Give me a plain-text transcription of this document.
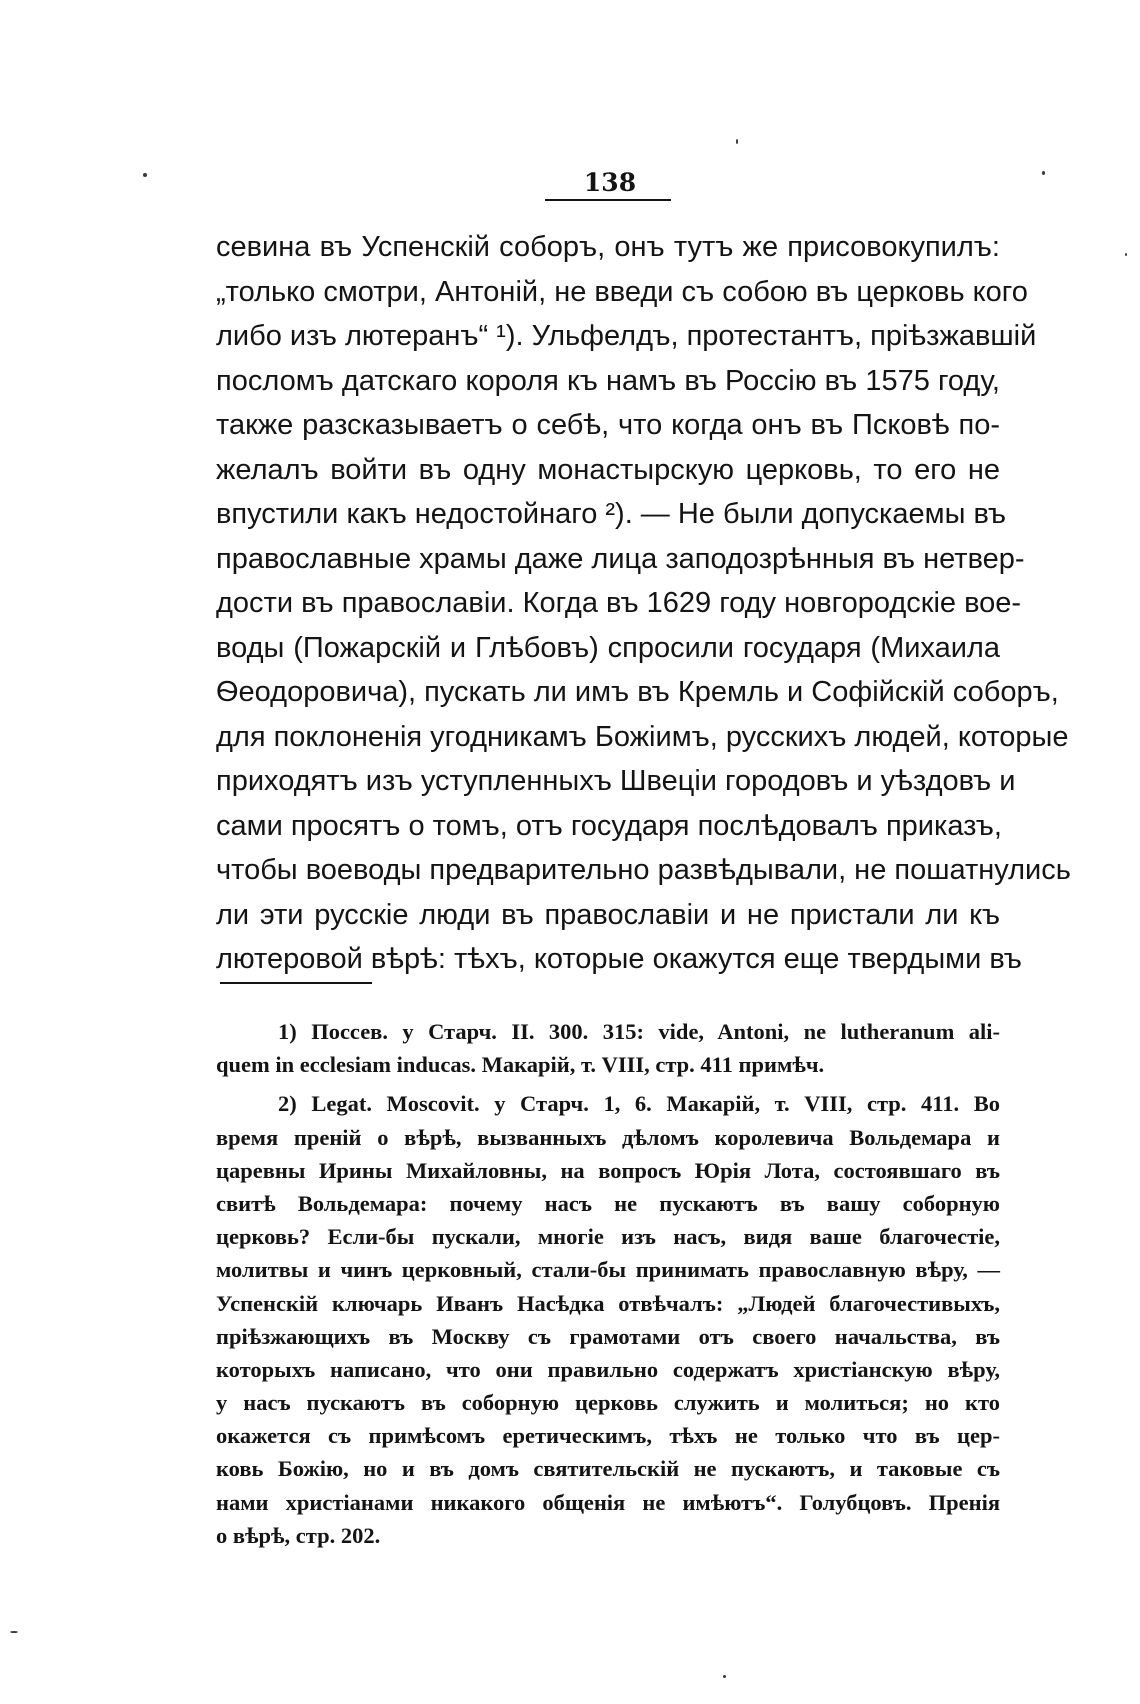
138
севина въ Успенскій соборъ, онъ тутъ же присовокупилъ:
„только смотри, Антоній, не введи съ собою въ церковь кого
либо изъ лютеранъ“ ¹). Ульфелдъ, протестантъ, пріѣзжавшій
посломъ датскаго короля къ намъ въ Россію въ 1575 году,
также разсказываетъ о себѣ, что когда онъ въ Псковѣ по-
желалъ войти въ одну монастырскую церковь, то его не
впустили какъ недостойнаго ²). — Не были допускаемы въ
православные храмы даже лица заподозрѣнныя въ нетвер-
дости въ православіи. Когда въ 1629 году новгородскіе вое-
воды (Пожарскій и Глѣбовъ) спросили государя (Михаила
Ѳеодоровича), пускать ли имъ въ Кремль и Софійскій соборъ,
для поклоненія угодникамъ Божіимъ, русскихъ людей, которые
приходятъ изъ уступленныхъ Швеціи городовъ и уѣздовъ и
сами просятъ о томъ, отъ государя послѣдовалъ приказъ,
чтобы воеводы предварительно развѣдывали, не пошатнулись
ли эти русскіе люди въ православіи и не пристали ли къ
лютеровой вѣрѣ: тѣхъ, которые окажутся еще твердыми въ
1) Поссев. у Старч. II. 300. 315: vide, Antoni, ne lutheranum ali-
quem in ecclesiam inducas. Макарій, т. VIII, стр. 411 примѣч.
2) Legat. Moscovit. у Старч. 1, 6. Макарій, т. VIII, стр. 411. Во
время преній о вѣрѣ, вызванныхъ дѣломъ королевича Вольдемара и
царевны Ирины Михайловны, на вопросъ Юрія Лота, состоявшаго въ
свитѣ Вольдемара: почему насъ не пускаютъ въ вашу соборную
церковь? Если-бы пускали, многіе изъ насъ, видя ваше благочестіе,
молитвы и чинъ церковный, стали-бы принимать православную вѣру, —
Успенскій ключарь Иванъ Насѣдка отвѣчалъ: „Людей благочестивыхъ,
пріѣзжающихъ въ Москву съ грамотами отъ своего начальства, въ
которыхъ написано, что они правильно содержатъ христіанскую вѣру,
у насъ пускаютъ въ соборную церковь служить и молиться; но кто
окажется съ примѣсомъ еретическимъ, тѣхъ не только что въ цер-
ковь Божію, но и въ домъ святительскій не пускаютъ, и таковые съ
нами христіанами никакого общенія не имѣютъ“. Голубцовъ. Пренія
о вѣрѣ, стр. 202.
